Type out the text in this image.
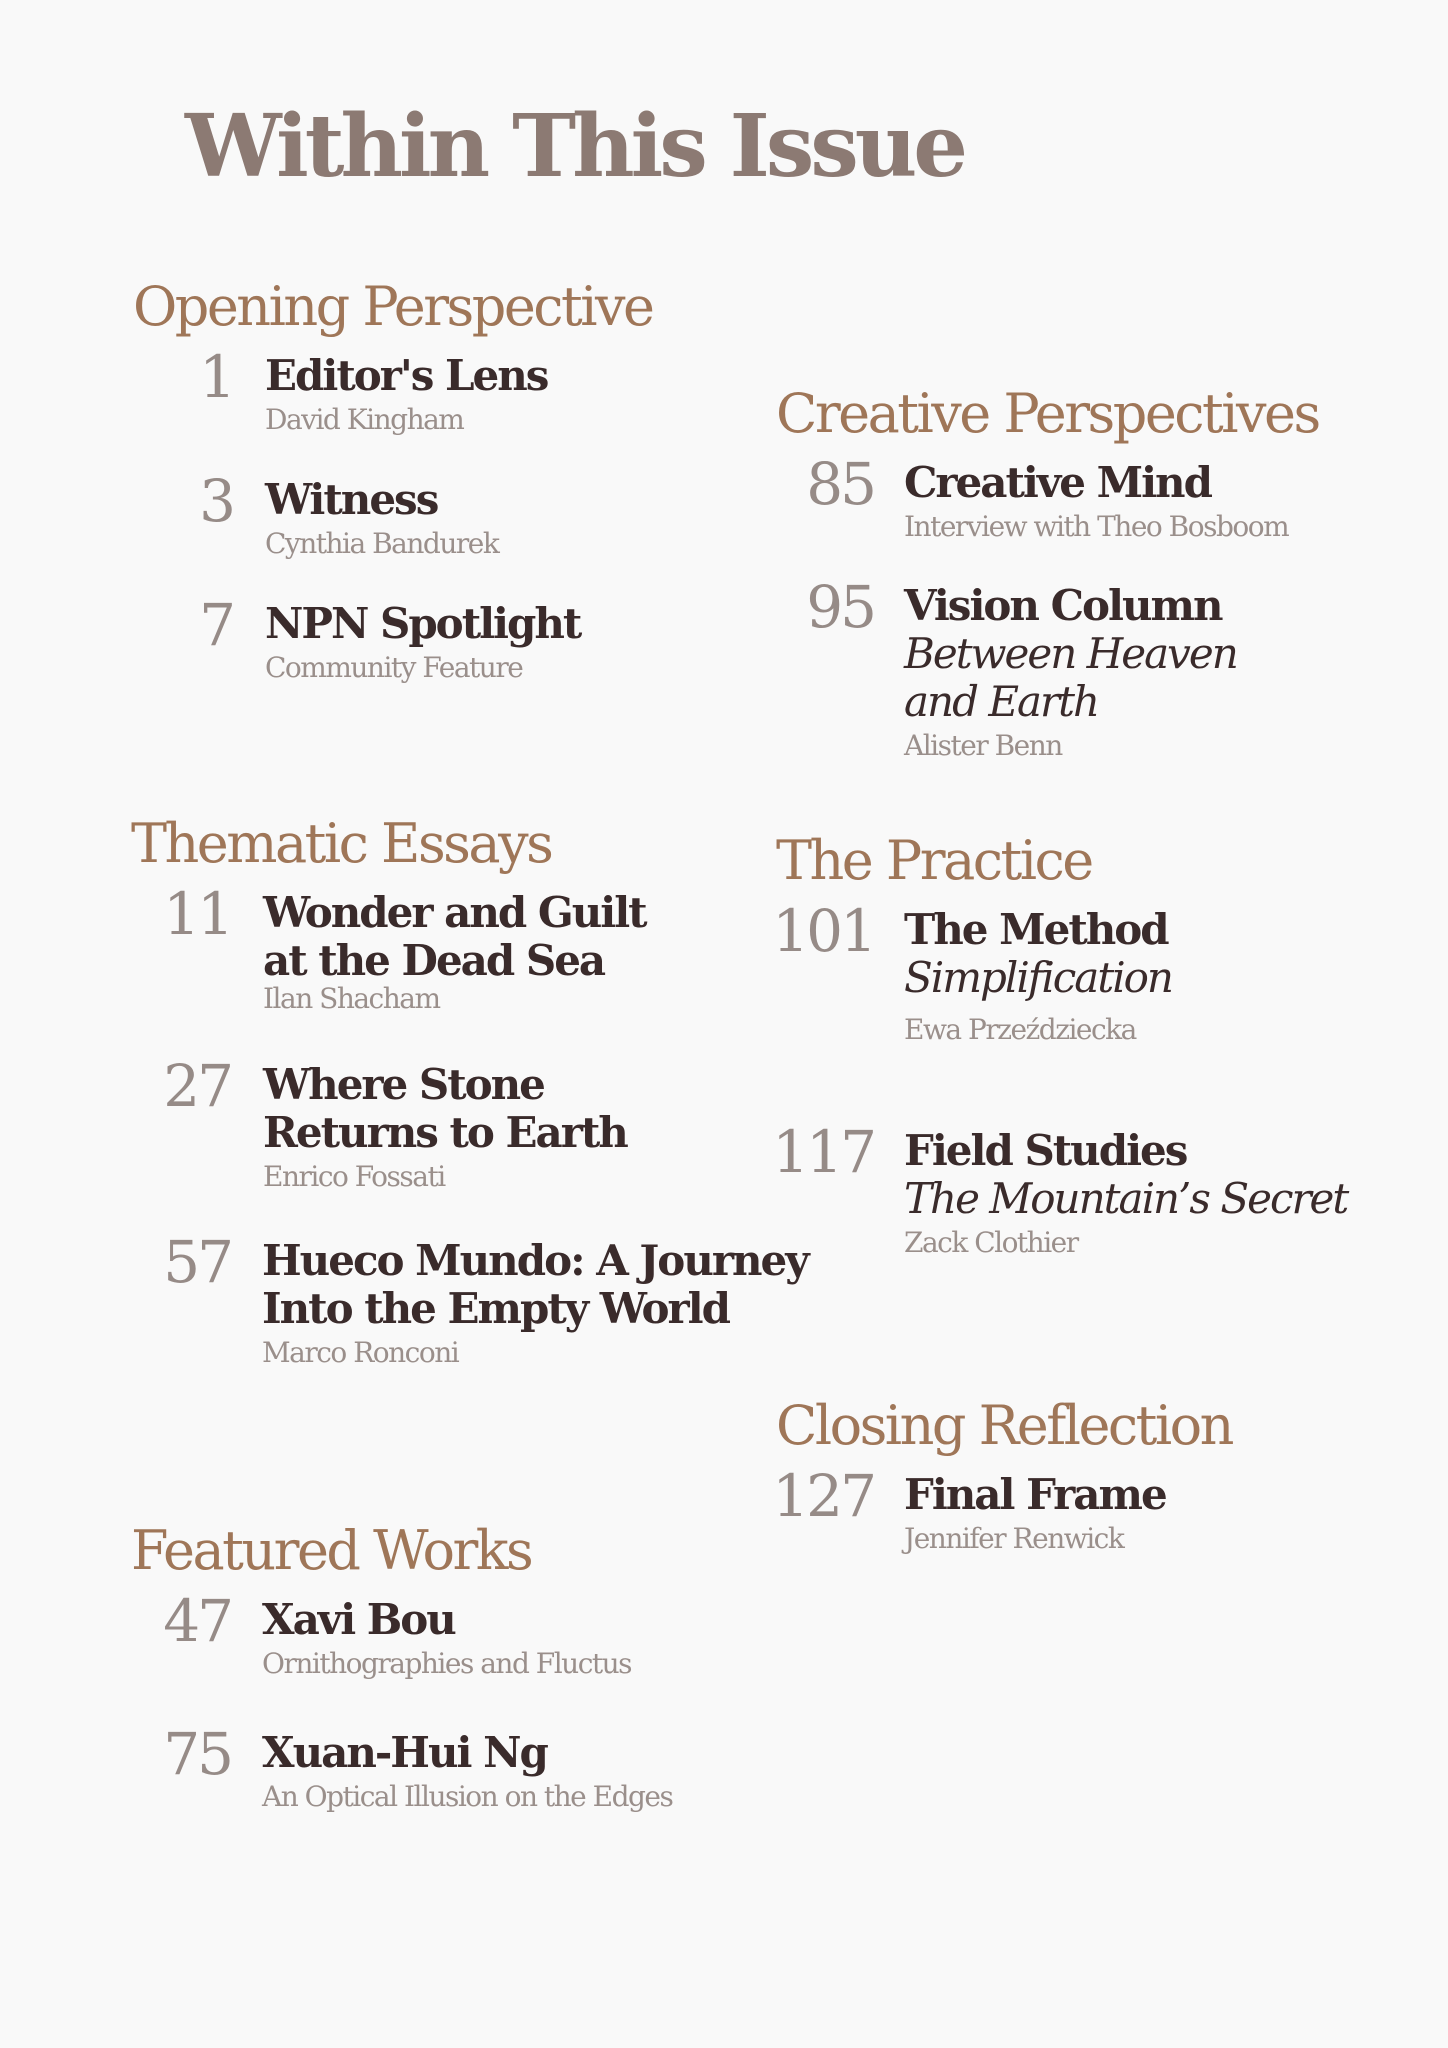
Within This Issue
Opening Perspective
1 Editor's Lens
David Kingham
3 Witness
Cynthia Bandurek
7 NPN Spotlight
Community Feature
Thematic Essays
11 Wonder and Guilt
at the Dead Sea
Ilan Shacham
27 Where Stone
Returns to Earth
Enrico Fossati
57 Hueco Mundo: A Journey
Into the Empty World
Marco Ronconi
Featured Works
47 Xavi Bou
Ornithographies and Fluctus
75 Xuan-Hui Ng
An Optical Illusion on the Edges
Creative Perspectives
85 Creative Mind
Interview with Theo Bosboom
95 Vision Column
Between Heaven
and Earth
Alister Benn
The Practice
101 The Method
Simplification
Ewa Przeździecka
117 Field Studies
The Mountain’s Secret
Zack Clothier
Closing Reflection
127 Final Frame
Jennifer Renwick
